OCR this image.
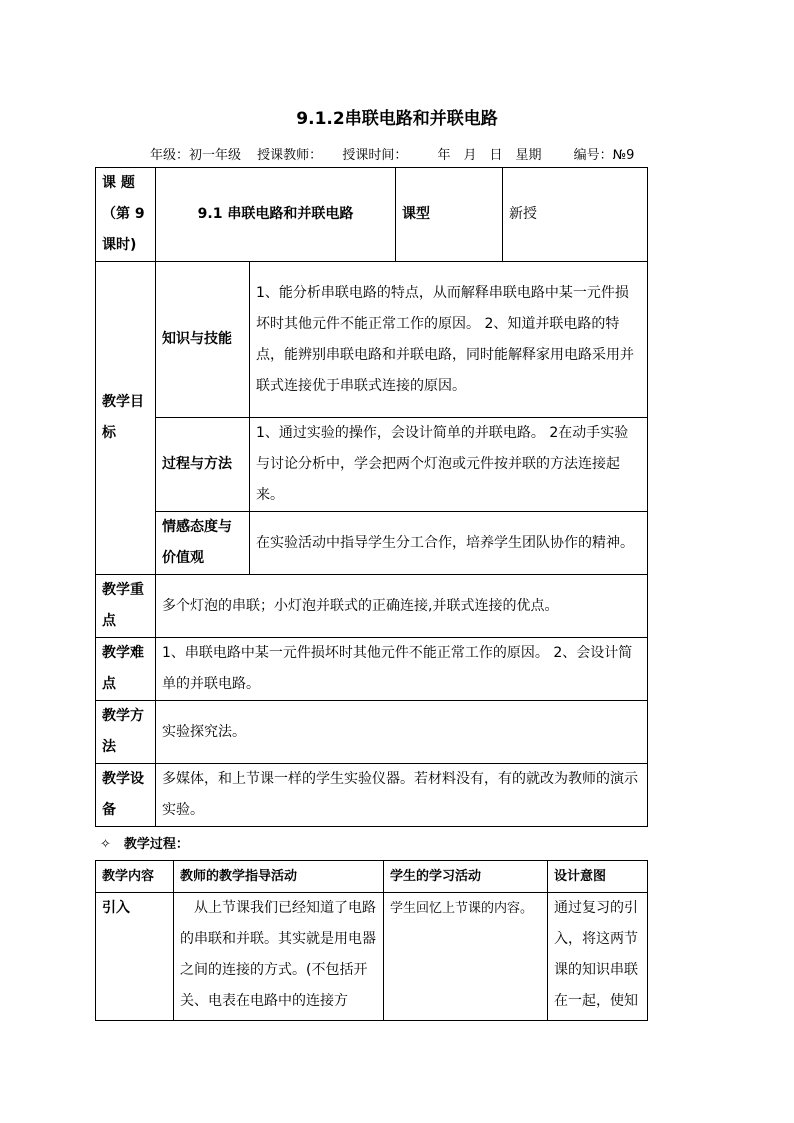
9.1.2串联电路和并联电路
年级：初一年级 授课教师： 授课时间： 年　月　日　星期 编号：№9
课 题（第 9 课时)	9.1 串联电路和并联电路		课型	新授
教学目标	知识与技能	1、能分析串联电路的特点，从而解释串联电路中某一元件损坏时其他元件不能正常工作的原因。 2、知道并联电路的特点，能辨别串联电路和并联电路，同时能解释家用电路采用并联式连接优于串联式连接的原因。		
	过程与方法	1、通过实验的操作，会设计简单的并联电路。 2在动手实验与讨论分析中，学会把两个灯泡或元件按并联的方法连接起来。		
	情感态度与价值观	在实验活动中指导学生分工合作，培养学生团队协作的精神。		
教学重点	多个灯泡的串联；小灯泡并联式的正确连接,并联式连接的优点。			
教学难点	1、串联电路中某一元件损坏时其他元件不能正常工作的原因。 2、会设计简单的并联电路。			
教学方法	实验探究法。			
教学设备	多媒体，和上节课一样的学生实验仪器。若材料没有，有的就改为教师的演示实验。			
✧　教学过程：
教学内容	教师的教学指导活动	学生的学习活动	设计意图
引入	　从上节课我们已经知道了电路的串联和并联。其实就是用电器之间的连接的方式。(不包括开关、电表在电路中的连接方	学生回忆上节课的内容。	通过复习的引入，将这两节课的知识串联在一起，使知
